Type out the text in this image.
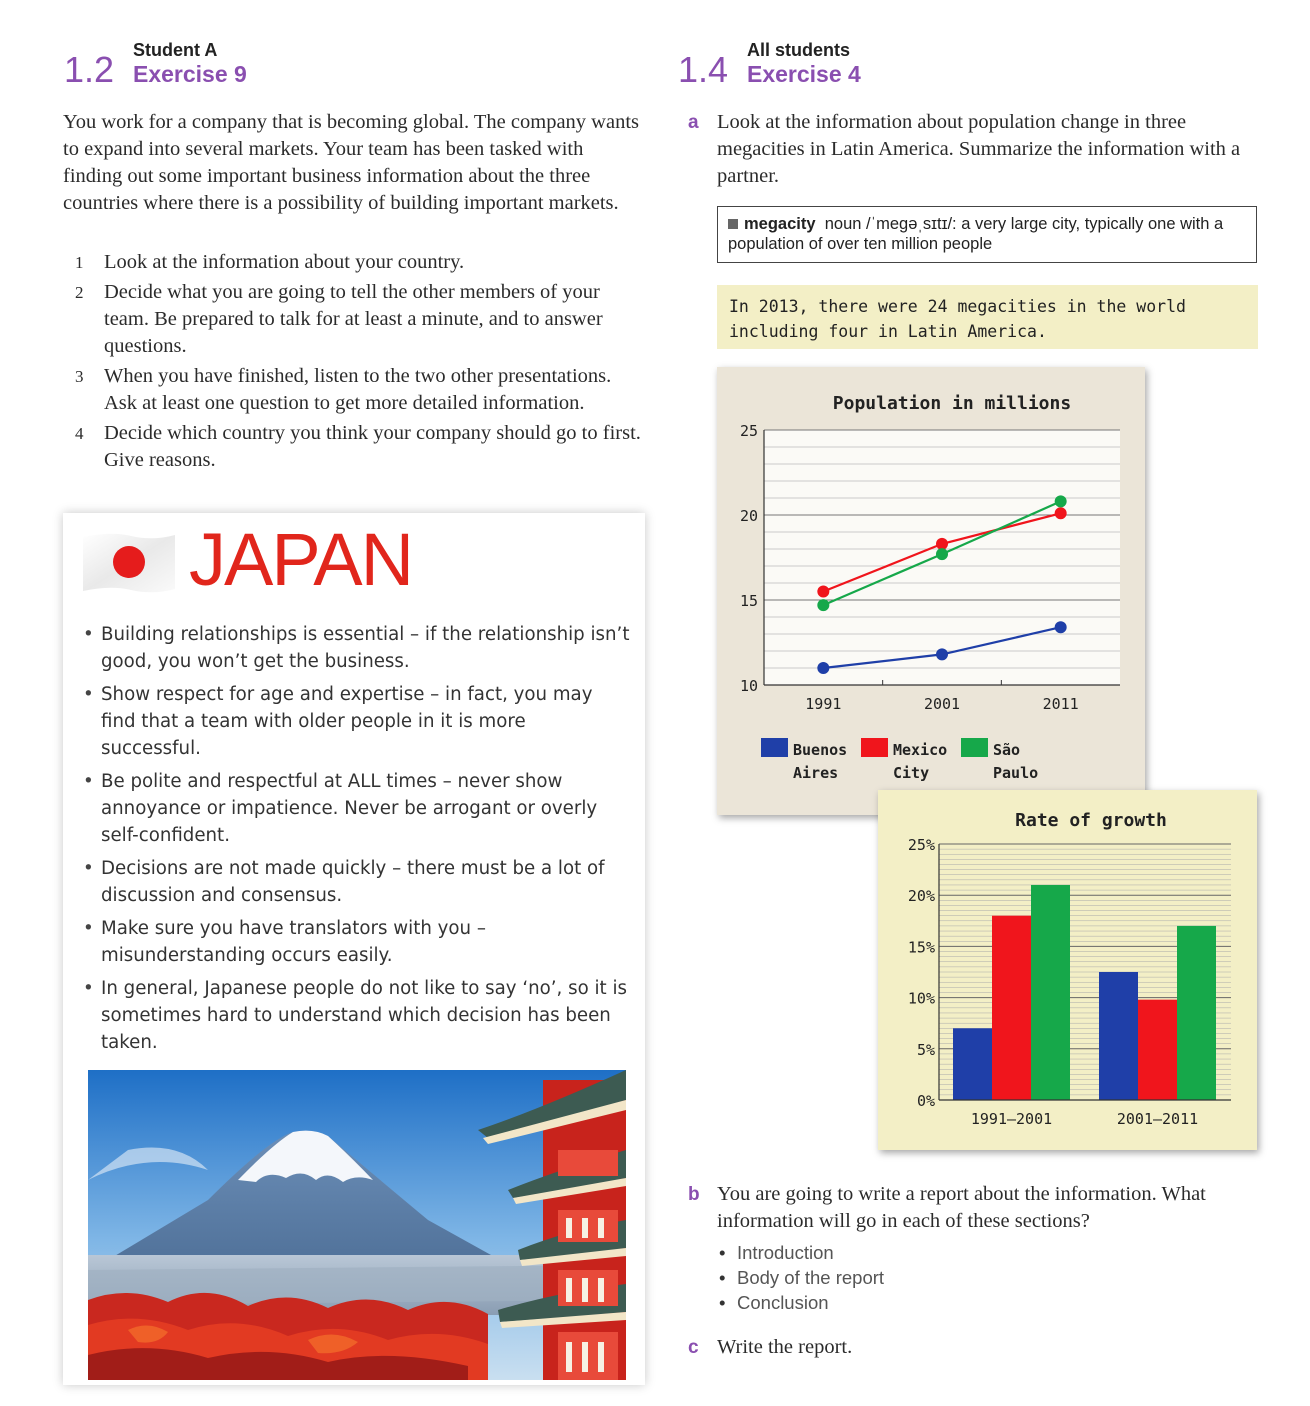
1.2 Student A
Exercise 9
You work for a company that is becoming global. The company wants to expand into several markets. Your team has been tasked with finding out some important business information about the three countries where there is a possibility of building important markets.
1 Look at the information about your country.
2 Decide what you are going to tell the other members of your team. Be prepared to talk for at least a minute, and to answer questions.
3 When you have finished, listen to the two other presentations. Ask at least one question to get more detailed information.
4 Decide which country you think your company should go to first. Give reasons.
JAPAN
• Building relationships is essential – if the relationship isn’t good, you won’t get the business.
• Show respect for age and expertise – in fact, you may find that a team with older people in it is more successful.
• Be polite and respectful at ALL times – never show annoyance or impatience. Never be arrogant or overly self-confident.
• Decisions are not made quickly – there must be a lot of discussion and consensus.
• Make sure you have translators with you – misunderstanding occurs easily.
• In general, Japanese people do not like to say ‘no’, so it is sometimes hard to understand which decision has been taken.
1.4 All students
Exercise 4
a Look at the information about population change in three megacities in Latin America. Summarize the information with a partner.
megacity noun /ˈmeɡəˌsɪtɪ/: a very large city, typically one with a population of over ten million people
In 2013, there were 24 megacities in the world including four in Latin America.
Population in millions
25
20
15
10
1991	2001	2011
Buenos
Aires
Mexico
City
São
Paulo
Rate of growth
25%
20%
15%
10%
5%
0%
1991–2001	2001–2011
b You are going to write a report about the information. What information will go in each of these sections?
• Introduction
• Body of the report
• Conclusion
c Write the report.
